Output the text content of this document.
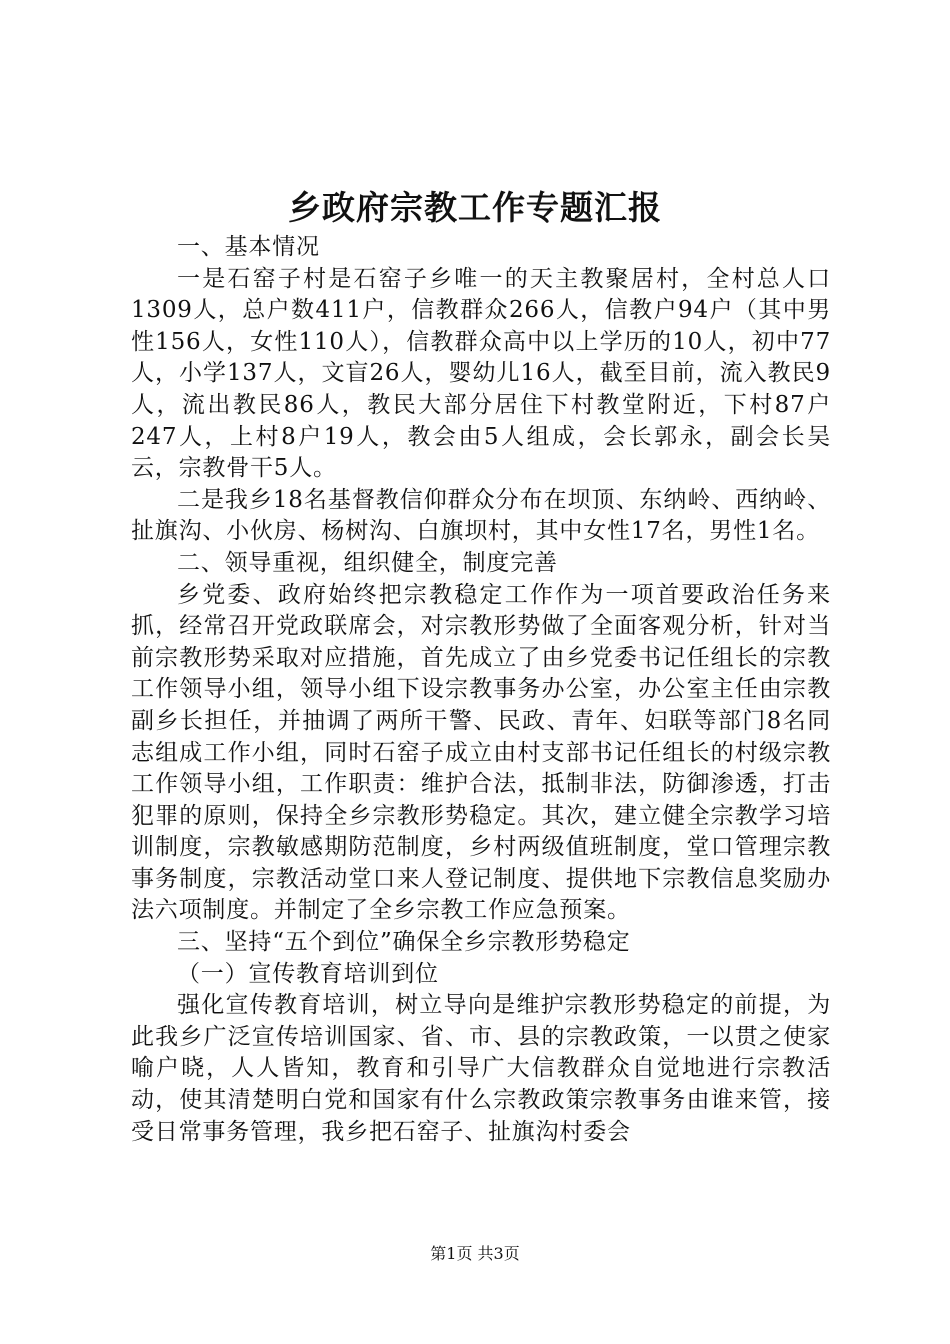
乡政府宗教工作专题汇报

一、基本情况

一是石窑子村是石窑子乡唯一的天主教聚居村，全村总人口1309人，总户数411户，信教群众266人，信教户94户（其中男性156人，女性110人），信教群众高中以上学历的10人，初中77人，小学137人，文盲26人，婴幼儿16人，截至目前，流入教民9人，流出教民86人，教民大部分居住下村教堂附近，下村87户247人，上村8户19人，教会由5人组成，会长郭永，副会长吴云，宗教骨干5人。

二是我乡18名基督教信仰群众分布在坝顶、东纳岭、西纳岭、扯旗沟、小伙房、杨树沟、白旗坝村，其中女性17名，男性1名。

二、领导重视，组织健全，制度完善

乡党委、政府始终把宗教稳定工作作为一项首要政治任务来抓，经常召开党政联席会，对宗教形势做了全面客观分析，针对当前宗教形势采取对应措施，首先成立了由乡党委书记任组长的宗教工作领导小组，领导小组下设宗教事务办公室，办公室主任由宗教副乡长担任，并抽调了两所干警、民政、青年、妇联等部门8名同志组成工作小组，同时石窑子成立由村支部书记任组长的村级宗教工作领导小组，工作职责：维护合法，抵制非法，防御渗透，打击犯罪的原则，保持全乡宗教形势稳定。其次，建立健全宗教学习培训制度，宗教敏感期防范制度，乡村两级值班制度，堂口管理宗教事务制度，宗教活动堂口来人登记制度、提供地下宗教信息奖励办法六项制度。并制定了全乡宗教工作应急预案。

三、坚持“五个到位”确保全乡宗教形势稳定

（一）宣传教育培训到位

强化宣传教育培训，树立导向是维护宗教形势稳定的前提，为此我乡广泛宣传培训国家、省、市、县的宗教政策，一以贯之使家喻户晓，人人皆知，教育和引导广大信教群众自觉地进行宗教活动，使其清楚明白党和国家有什么宗教政策宗教事务由谁来管，接受日常事务管理，我乡把石窑子、扯旗沟村委会

第1页 共3页
